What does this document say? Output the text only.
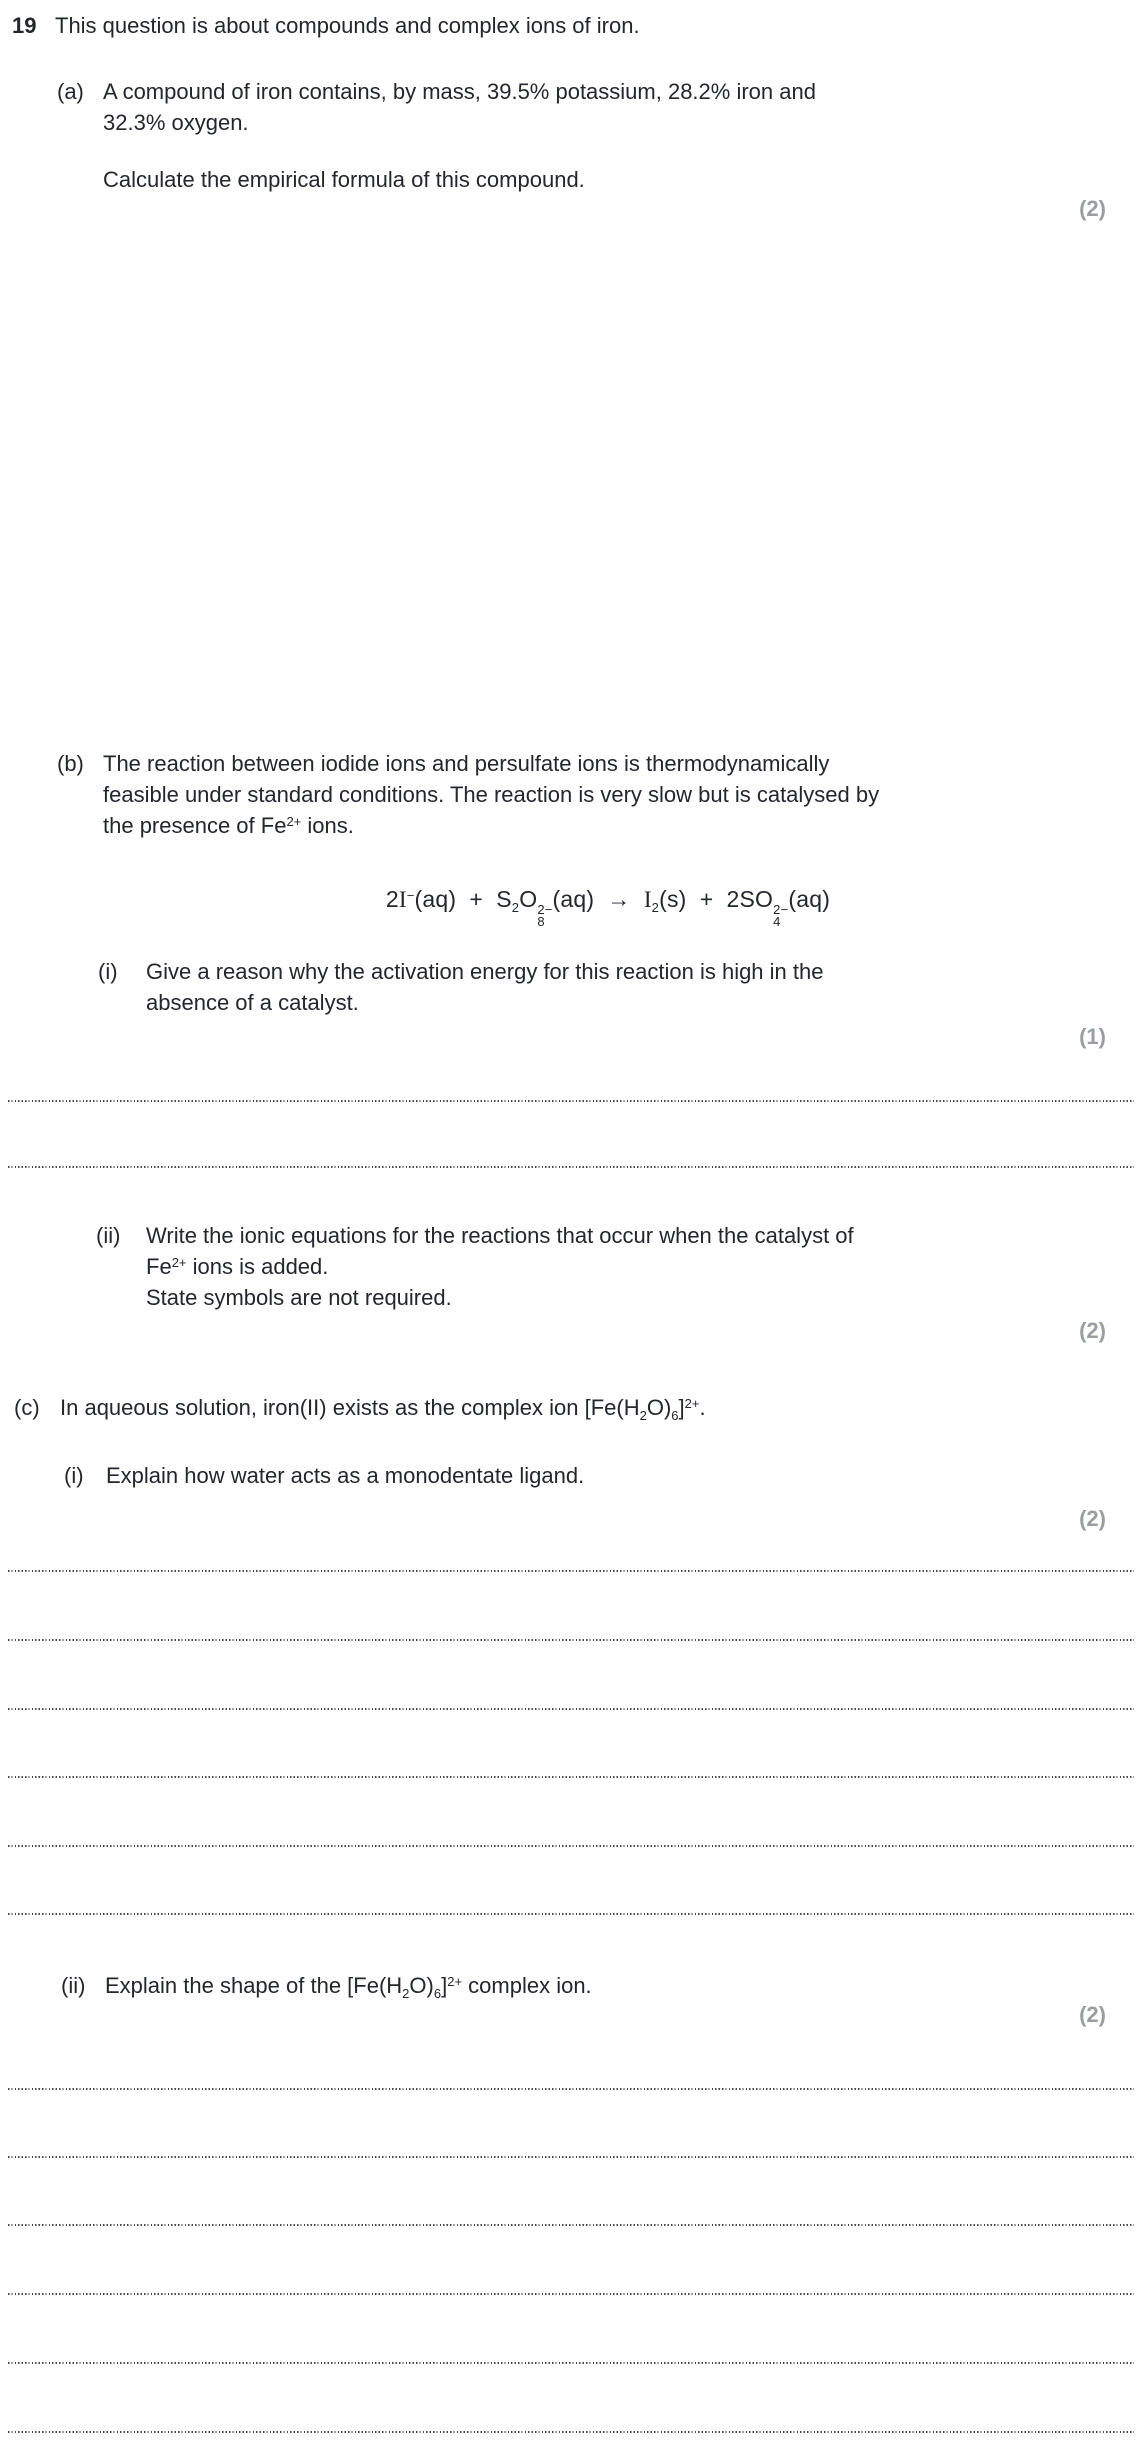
19 This question is about compounds and complex ions of iron.
(a) A compound of iron contains, by mass, 39.5% potassium, 28.2% iron and
32.3% oxygen.
Calculate the empirical formula of this compound.
(2)
(b) The reaction between iodide ions and persulfate ions is thermodynamically
feasible under standard conditions. The reaction is very slow but is catalysed by
the presence of $Fe^{2+}$ ions.
$2I^-(aq) + S_2O$ 2−
8
$(aq) \to I_2(s) + 2SO$ 2−
4
(aq)
(i)	Give a reason why the activation energy for this reaction is high in the
absence of a catalyst.
(1)
(ii)	Write the ionic equations for the reactions that occur when the catalyst of
$Fe^{2+}$ ions is added.
State symbols are not required.
(2)
(c) In aqueous solution, iron(II) exists as the complex ion $[Fe(H_2O)_6]^{2+}$.
(i)	Explain how water acts as a monodentate ligand.
(2)
(ii) Explain the shape of the $[Fe(H_2O)_6]^{2+}$ complex ion.
(2)
